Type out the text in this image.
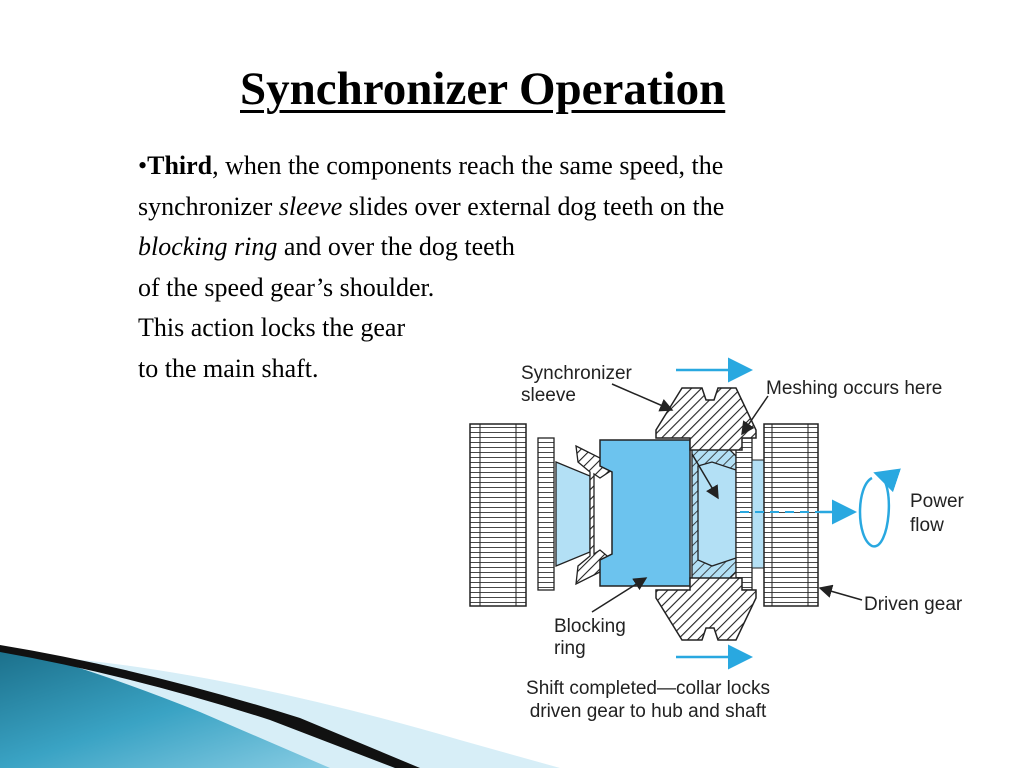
Synchronizer Operation
•Third, when the components reach the same speed, the
synchronizer sleeve slides over external dog teeth on the
blocking ring and over the dog teeth
of the speed gear’s shoulder.
This action locks the gear
to the main shaft.	Synchronizer
sleeve	Meshing occurs here
Power
flow
Driven gear
Blocking
ring
Shift completed—collar locks
driven gear to hub and shaft
